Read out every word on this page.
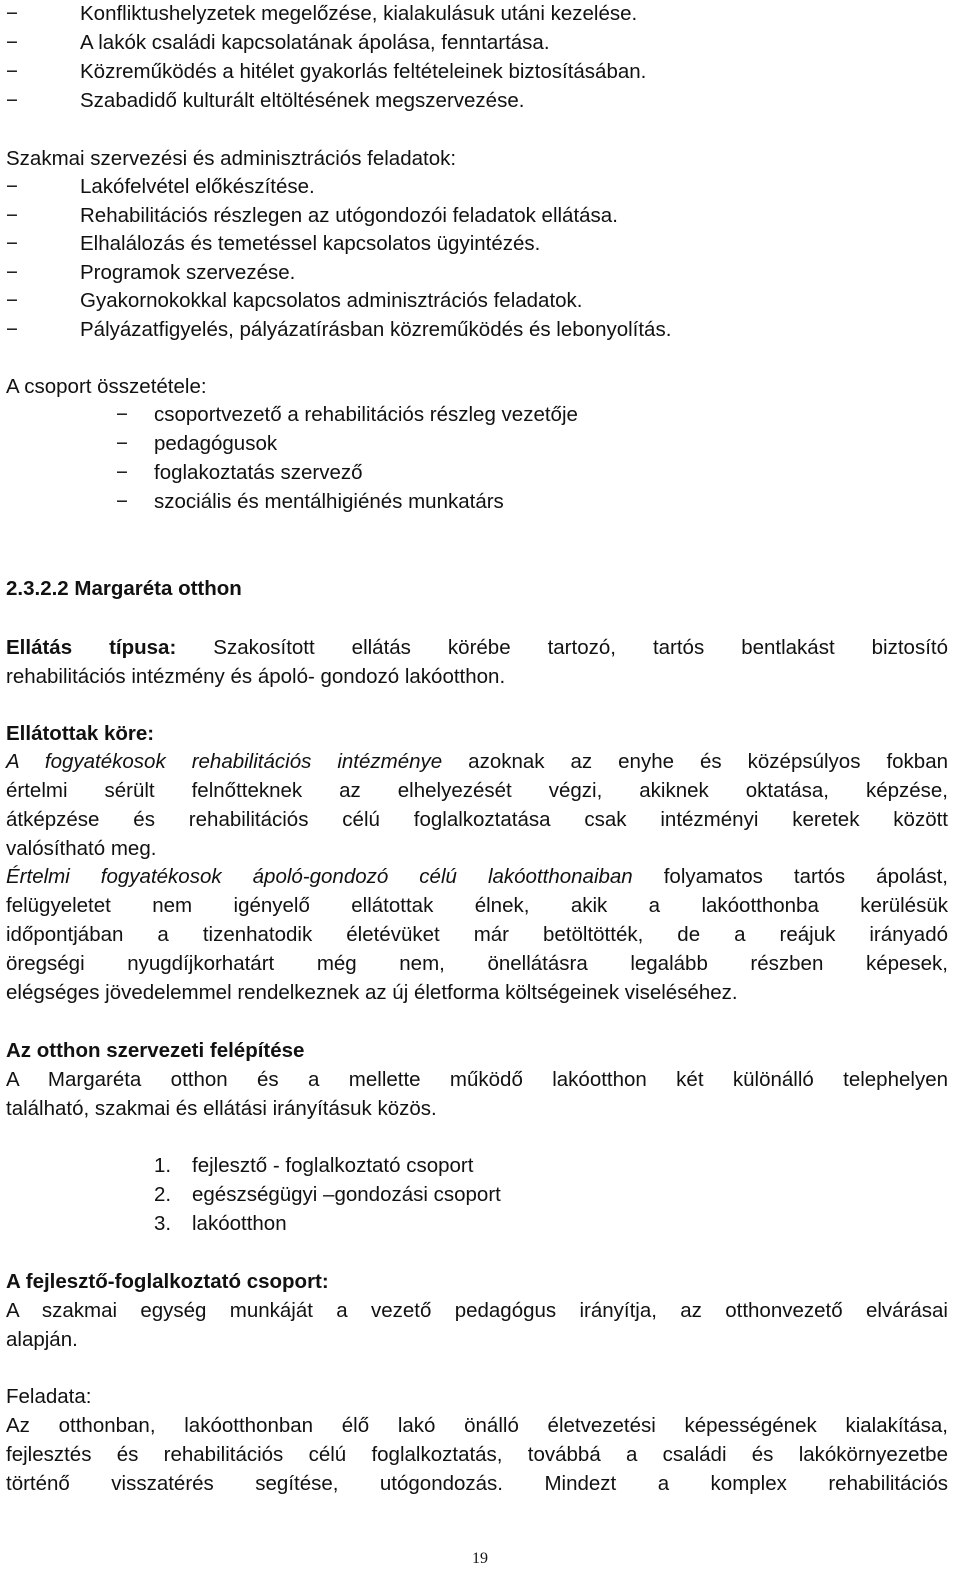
−	Konfliktushelyzetek megelőzése, kialakulásuk utáni kezelése.
−	A lakók családi kapcsolatának ápolása, fenntartása.
−	Közreműködés a hitélet gyakorlás feltételeinek biztosításában.
−	Szabadidő kulturált eltöltésének megszervezése.
Szakmai szervezési és adminisztrációs feladatok:
−	Lakófelvétel előkészítése.
−	Rehabilitációs részlegen az utógondozói feladatok ellátása.
−	Elhalálozás és temetéssel kapcsolatos ügyintézés.
−	Programok szervezése.
−	Gyakornokokkal kapcsolatos adminisztrációs feladatok.
−	Pályázatfigyelés, pályázatírásban közreműködés és lebonyolítás.
A csoport összetétele:
− csoportvezető a rehabilitációs részleg vezetője
− pedagógusok
− foglakoztatás szervező
− szociális és mentálhigiénés munkatárs
2.3.2.2 Margaréta otthon
Ellátás típusa: Szakosított ellátás körébe tartozó, tartós bentlakást biztosító
rehabilitációs intézmény és ápoló- gondozó lakóotthon.
Ellátottak köre:
A fogyatékosok rehabilitációs intézménye azoknak az enyhe és középsúlyos fokban
értelmi sérült felnőtteknek az elhelyezését végzi, akiknek oktatása, képzése,
átképzése és rehabilitációs célú foglalkoztatása csak intézményi keretek között
valósítható meg.
Értelmi fogyatékosok ápoló-gondozó célú lakóotthonaiban folyamatos tartós ápolást,
felügyeletet nem igényelő ellátottak élnek, akik a lakóotthonba kerülésük
időpontjában a tizenhatodik életévüket már betöltötték, de a reájuk irányadó
öregségi nyugdíjkorhatárt még nem, önellátásra legalább részben képesek,
elégséges jövedelemmel rendelkeznek az új életforma költségeinek viseléséhez.
Az otthon szervezeti felépítése
A Margaréta otthon és a mellette működő lakóotthon két különálló telephelyen
található, szakmai és ellátási irányításuk közös.
1. fejlesztő - foglalkoztató csoport
2. egészségügyi –gondozási csoport
3. lakóotthon
A fejlesztő-foglalkoztató csoport:
A szakmai egység munkáját a vezető pedagógus irányítja, az otthonvezető elvárásai
alapján.
Feladata:
Az otthonban, lakóotthonban élő lakó önálló életvezetési képességének kialakítása,
fejlesztés és rehabilitációs célú foglalkoztatás, továbbá a családi és lakókörnyezetbe
történő visszatérés segítése, utógondozás. Mindezt a komplex rehabilitációs
19
